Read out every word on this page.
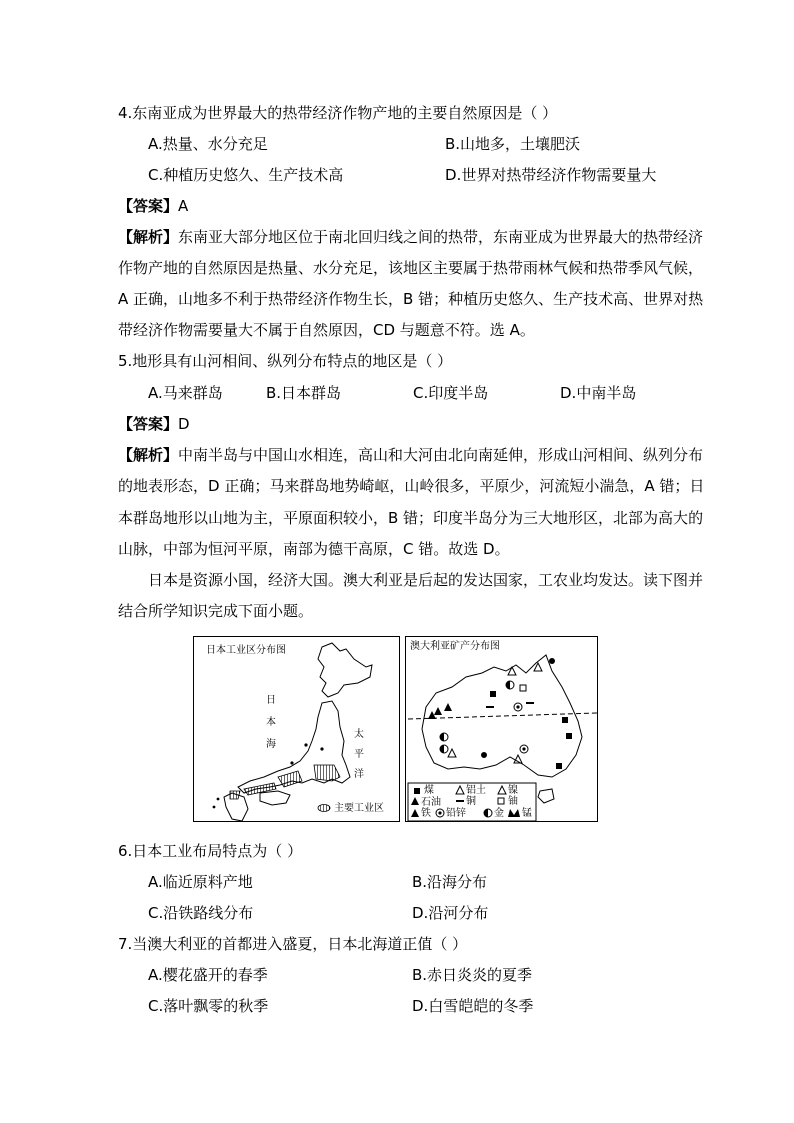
4.东南亚成为世界最大的热带经济作物产地的主要自然原因是（ ）
A.热量、水分充足	B.山地多，土壤肥沃
C.种植历史悠久、生产技术高	D.世界对热带经济作物需要量大
【答案】A
【解析】东南亚大部分地区位于南北回归线之间的热带，东南亚成为世界最大的热带经济
作物产地的自然原因是热量、水分充足，该地区主要属于热带雨林气候和热带季风气候，
A 正确，山地多不利于热带经济作物生长，B 错；种植历史悠久、生产技术高、世界对热
带经济作物需要量大不属于自然原因，CD 与题意不符。选 A。
5.地形具有山河相间、纵列分布特点的地区是（ ）
A.马来群岛	B.日本群岛	C.印度半岛	D.中南半岛
【答案】D
【解析】中南半岛与中国山水相连，高山和大河由北向南延伸，形成山河相间、纵列分布
的地表形态，D 正确；马来群岛地势崎岖，山岭很多，平原少，河流短小湍急，A 错；日
本群岛地形以山地为主，平原面积较小，B 错；印度半岛分为三大地形区，北部为高大的
山脉，中部为恒河平原，南部为德干高原，C 错。故选 D。
日本是资源小国，经济大国。澳大利亚是后起的发达国家，工农业均发达。读下图并
结合所学知识完成下面小题。
日本工业区分布图
日
本
海
太
平
洋
主要工业区
澳大利亚矿产分布图
煤	铝土 镍
石油	铜	铀
铁 铅锌	金 锰
6.日本工业布局特点为（ ）
A.临近原料产地	B.沿海分布
C.沿铁路线分布	D.沿河分布
7.当澳大利亚的首都进入盛夏，日本北海道正值（ ）
A.樱花盛开的春季	B.赤日炎炎的夏季
C.落叶飘零的秋季	D.白雪皑皑的冬季
